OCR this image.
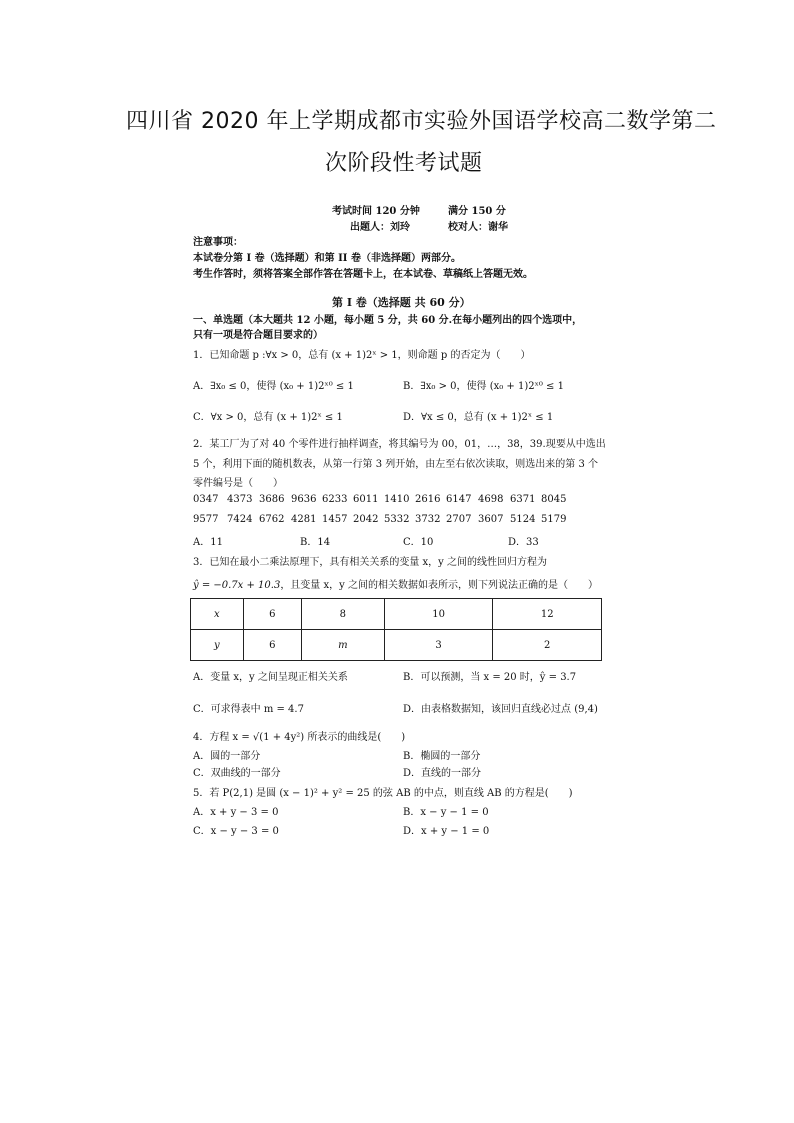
四川省 2020 年上学期成都市实验外国语学校高二数学第二
次阶段性考试题
考试时间 120 分钟	满分 150 分
出题人：刘玲	校对人：谢华
注意事项：
本试卷分第 I 卷（选择题）和第 II 卷（非选择题）两部分。
考生作答时，须将答案全部作答在答题卡上，在本试卷、草稿纸上答题无效。
第 I 卷（选择题 共 60 分）
一、单选题（本大题共 12 小题，每小题 5 分，共 60 分.在每小题列出的四个选项中，
只有一项是符合题目要求的）
1．已知命题 p :∀x > 0，总有 (x + 1)2ˣ > 1，则命题 p 的否定为（　　）
A．∃x₀ ≤ 0，使得 (x₀ + 1)2ˣ⁰ ≤ 1	B．∃x₀ > 0，使得 (x₀ + 1)2ˣ⁰ ≤ 1
C．∀x > 0，总有 (x + 1)2ˣ ≤ 1	D．∀x ≤ 0，总有 (x + 1)2ˣ ≤ 1
2．某工厂为了对 40 个零件进行抽样调查，将其编号为 00，01，…，38，39.现要从中选出
5 个，利用下面的随机数表，从第一行第 3 列开始，由左至右依次读取，则选出来的第 3 个
零件编号是（　　）
0347 4373 3686 9636 6233 6011 1410 2616 6147 4698 6371 8045
9577 7424 6762 4281 1457 2042 5332 3732 2707 3607 5124 5179
A．11	B．14	C．10	D．33
3．已知在最小二乘法原理下，具有相关关系的变量 x，y 之间的线性回归方程为
ŷ = −0.7x + 10.3，且变量 x，y 之间的相关数据如表所示，则下列说法正确的是（　　）
x	6	8	10	12
y	6	m	3	2
A．变量 x，y 之间呈现正相关关系	B．可以预测，当 x = 20 时，ŷ = 3.7
C．可求得表中 m = 4.7	D．由表格数据知，该回归直线必过点 (9,4)
4．方程 x = √(1 + 4y²) 所表示的曲线是(　　)
A．圆的一部分	B．椭圆的一部分
C．双曲线的一部分	D．直线的一部分
5．若 P(2,1) 是圆 (x − 1)² + y² = 25 的弦 AB 的中点，则直线 AB 的方程是(　　)
A．x + y − 3 = 0	B．x − y − 1 = 0
C．x − y − 3 = 0	D．x + y − 1 = 0
